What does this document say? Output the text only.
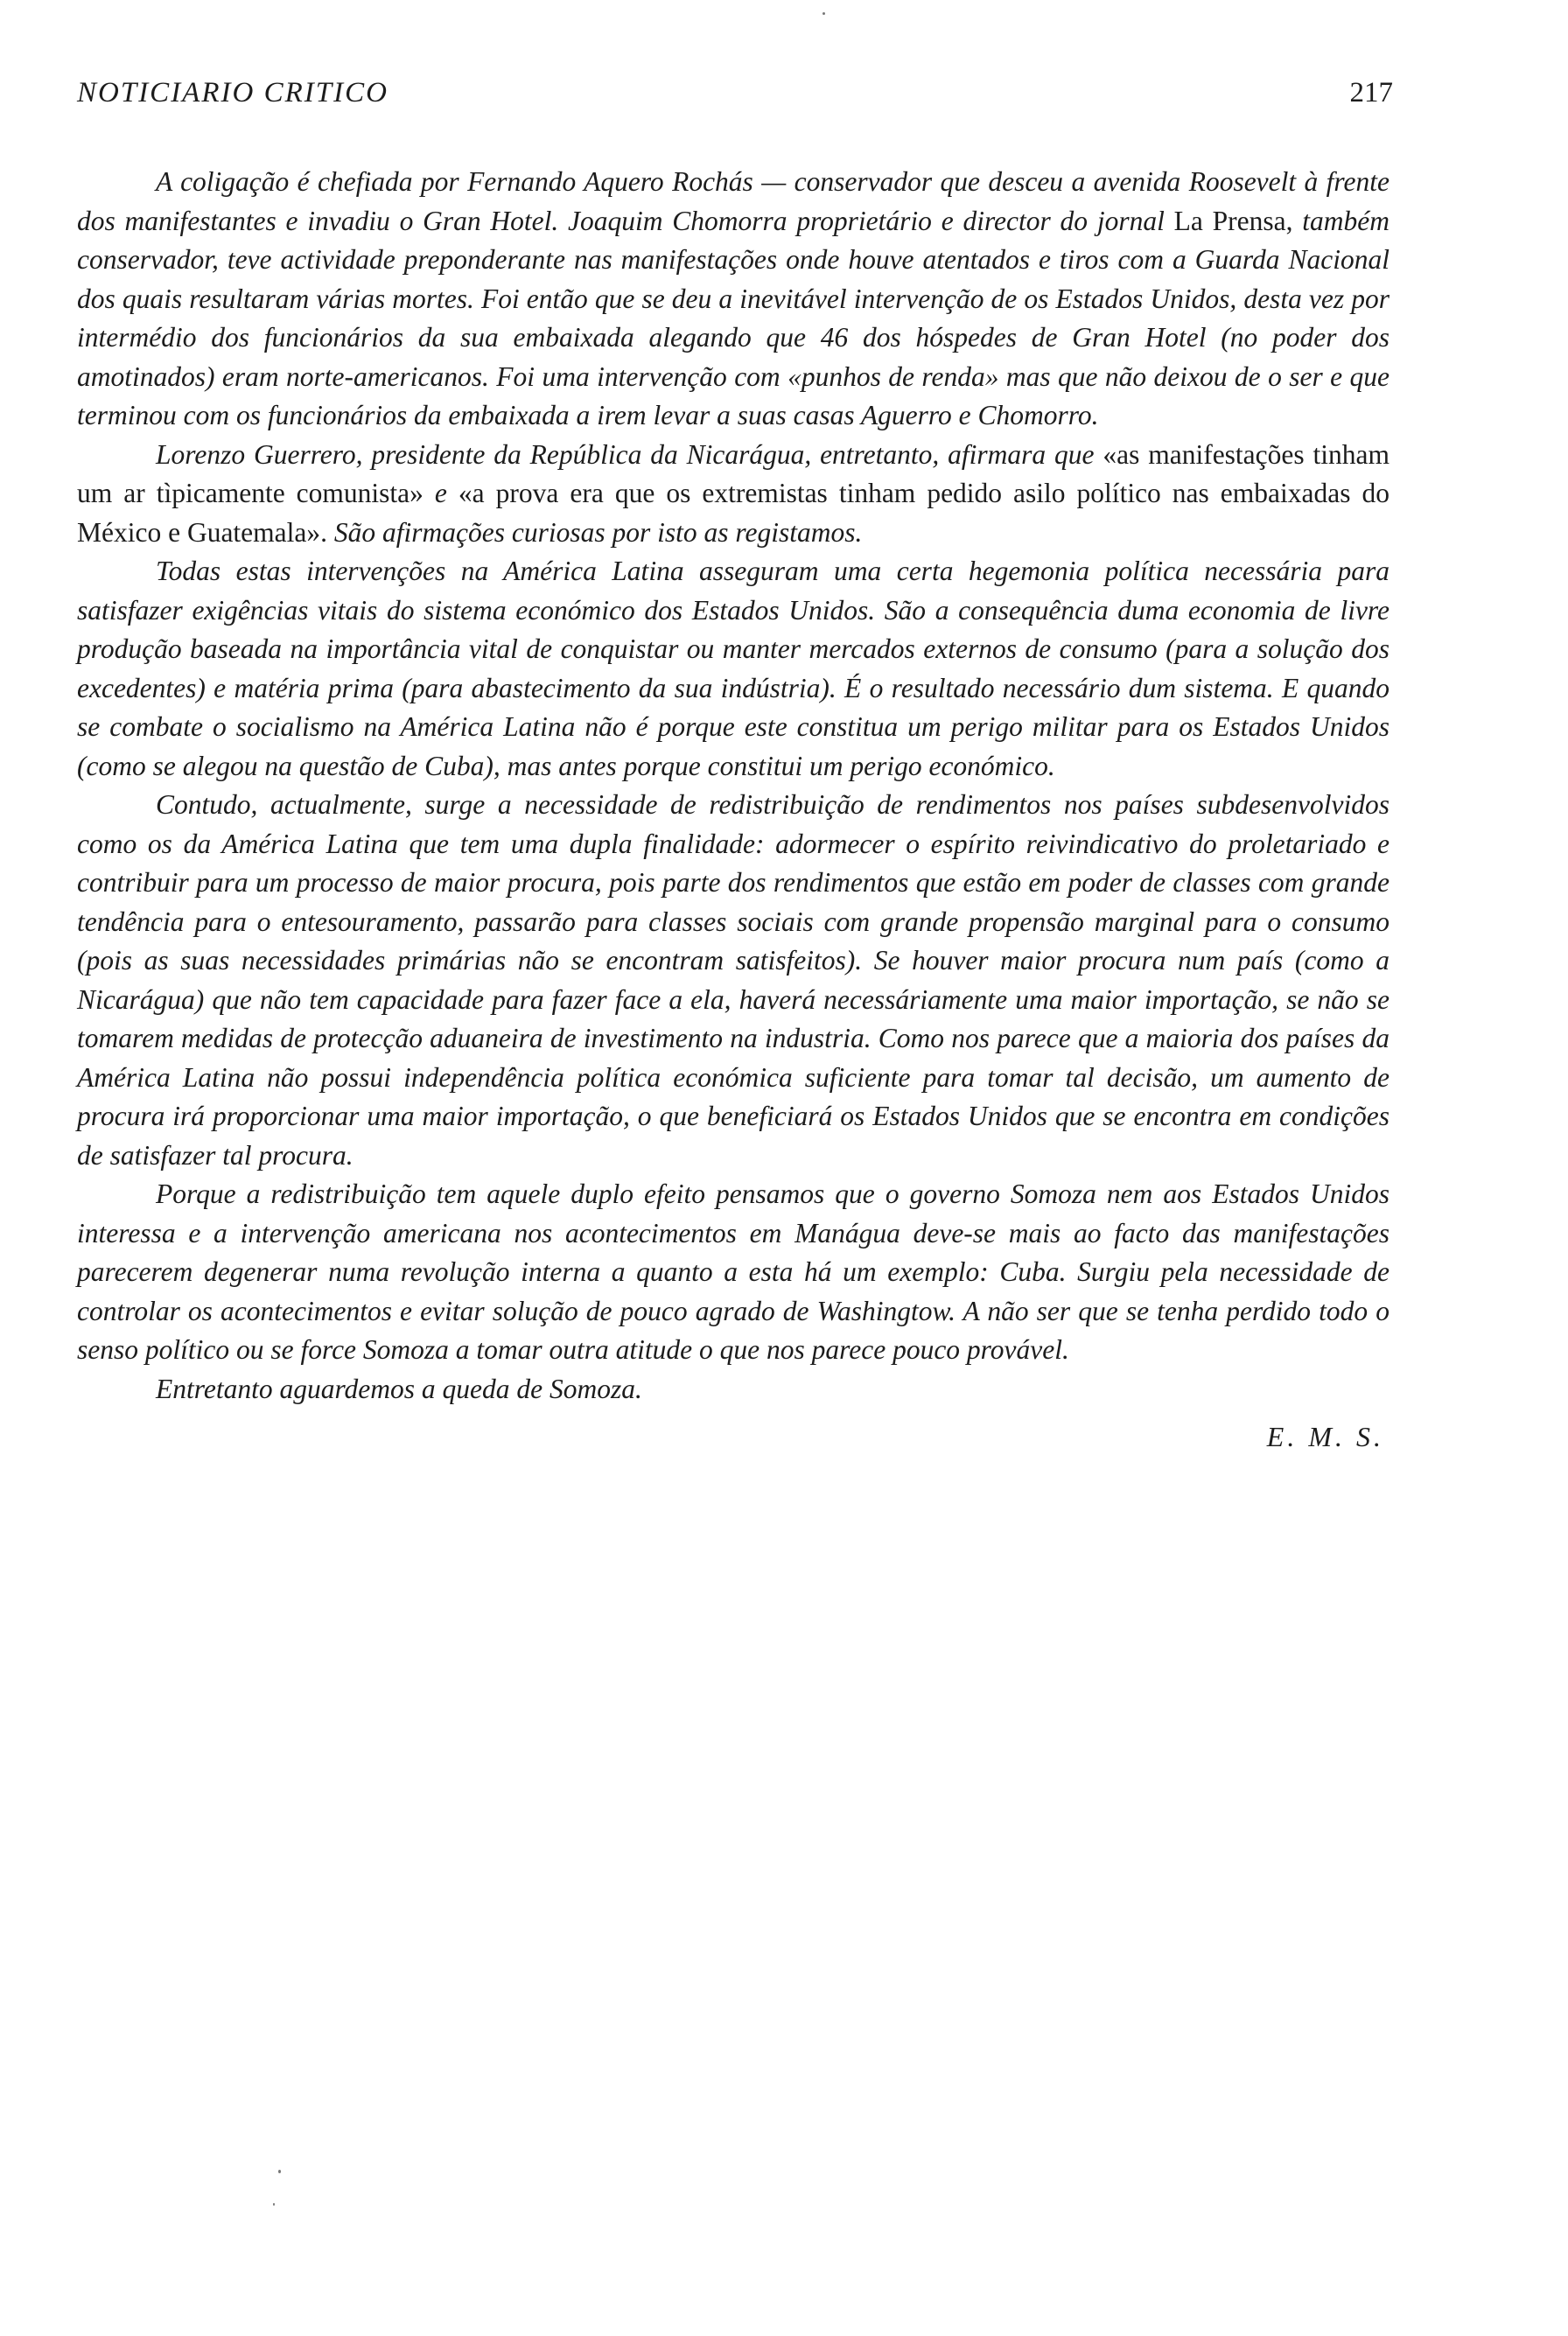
NOTICIARIO CRITICO	217

A coligação é chefiada por Fernando Aquero Rochás — conservador que desceu a avenida Roosevelt à frente dos manifestantes e invadiu o Gran Hotel. Joaquim Chomorra proprietário e director do jornal La Prensa, também conservador, teve actividade preponderante nas manifestações onde houve atentados e tiros com a Guarda Nacional dos quais resultaram várias mortes. Foi então que se deu a inevitável intervenção de os Estados Unidos, desta vez por intermédio dos funcionários da sua embaixada alegando que 46 dos hóspedes de Gran Hotel (no poder dos amotinados) eram norte-americanos. Foi uma intervenção com «punhos de renda» mas que não deixou de o ser e que terminou com os funcionários da embaixada a irem levar a suas casas Aguerro e Chomorro.

Lorenzo Guerrero, presidente da República da Nicarágua, entretanto, afirmara que «as manifestações tinham um ar tìpicamente comunista» e «a prova era que os extremistas tinham pedido asilo político nas embaixadas do México e Guatemala». São afirmações curiosas por isto as registamos.

Todas estas intervenções na América Latina asseguram uma certa hegemonia política necessária para satisfazer exigências vitais do sistema económico dos Estados Unidos. São a consequência duma economia de livre produção baseada na importância vital de conquistar ou manter mercados externos de consumo (para a solução dos excedentes) e matéria prima (para abastecimento da sua indústria). É o resultado necessário dum sistema. E quando se combate o socialismo na América Latina não é porque este constitua um perigo militar para os Estados Unidos (como se alegou na questão de Cuba), mas antes porque constitui um perigo económico.

Contudo, actualmente, surge a necessidade de redistribuição de rendimentos nos países subdesenvolvidos como os da América Latina que tem uma dupla finalidade: adormecer o espírito reivindicativo do proletariado e contribuir para um processo de maior procura, pois parte dos rendimentos que estão em poder de classes com grande tendência para o entesouramento, passarão para classes sociais com grande propensão marginal para o consumo (pois as suas necessidades primárias não se encontram satisfeitos). Se houver maior procura num país (como a Nicarágua) que não tem capacidade para fazer face a ela, haverá necessáriamente uma maior importação, se não se tomarem medidas de protecção aduaneira de investimento na industria. Como nos parece que a maioria dos países da América Latina não possui independência política económica suficiente para tomar tal decisão, um aumento de procura irá proporcionar uma maior importação, o que beneficiará os Estados Unidos que se encontra em condições de satisfazer tal procura.

Porque a redistribuição tem aquele duplo efeito pensamos que o governo Somoza nem aos Estados Unidos interessa e a intervenção americana nos acontecimentos em Manágua deve-se mais ao facto das manifestações parecerem degenerar numa revolução interna a quanto a esta há um exemplo: Cuba. Surgiu pela necessidade de controlar os acontecimentos e evitar solução de pouco agrado de Washingtow. A não ser que se tenha perdido todo o senso político ou se force Somoza a tomar outra atitude o que nos parece pouco provável.

Entretanto aguardemos a queda de Somoza.

E. M. S.
